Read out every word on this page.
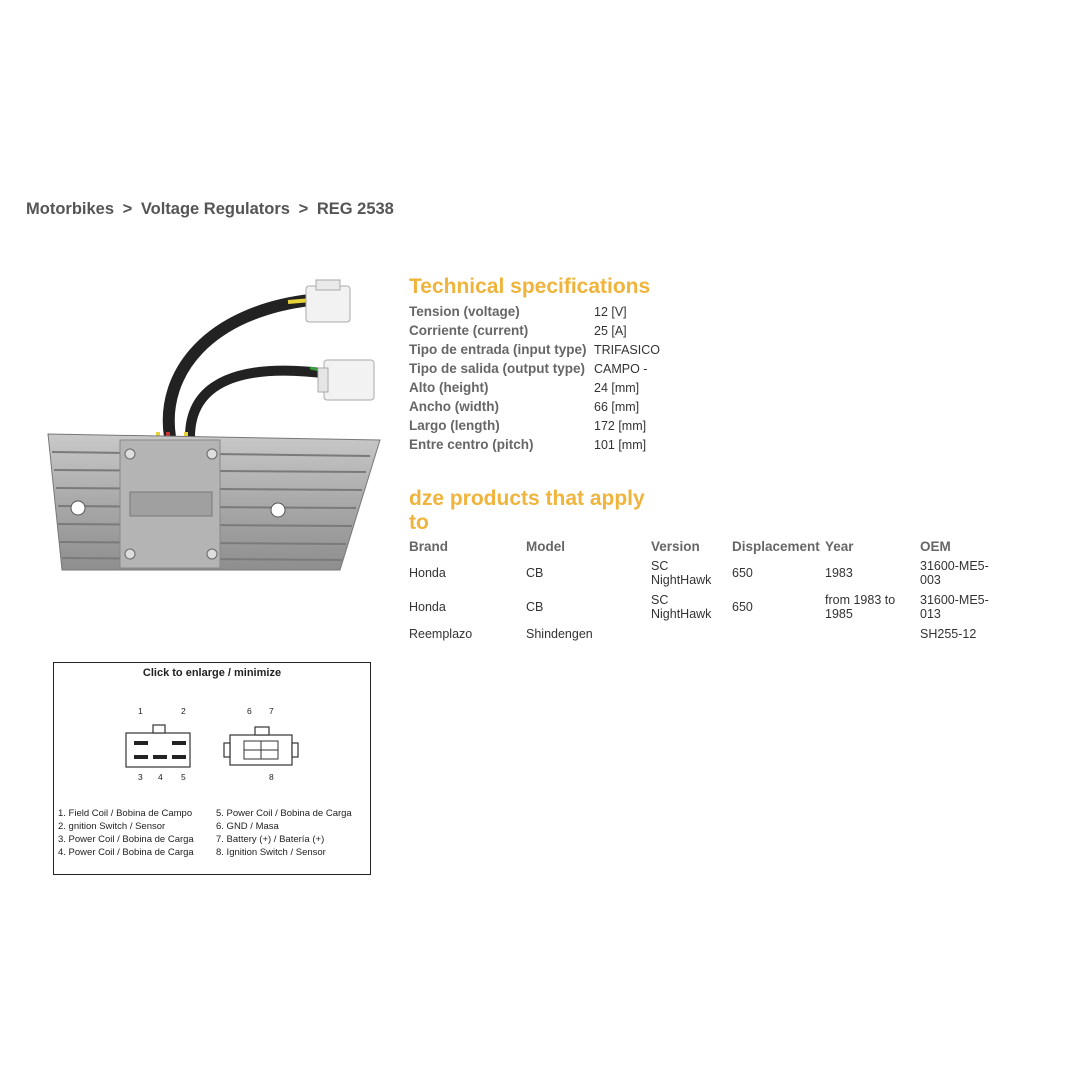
Motorbikes > Voltage Regulators > REG 2538
Technical specifications
Tension (voltage)	12 [V]
Corriente (current)	25 [A]
Tipo de entrada (input type)	TRIFASICO
Tipo de salida (output type)	CAMPO -
Alto (height)	24 [mm]
Ancho (width)	66 [mm]
Largo (length)	172 [mm]
Entre centro (pitch)	101 [mm]
dze products that apply to
Brand	Model	Version	Displacement	Year	OEM
Honda	CB	SC NightHawk	650	1983	31600-ME5-003
Honda	CB	SC NightHawk	650	from 1983 to 1985	31600-ME5-013
Reemplazo	Shindengen				SH255-12
Click to enlarge / minimize
1	2
3 4 5
6 7
8
1. Field Coil / Bobina de Campo
2. gnition Switch / Sensor
3. Power Coil / Bobina de Carga
4. Power Coil / Bobina de Carga
5. Power Coil / Bobina de Carga
6. GND / Masa
7. Battery (+) / Batería (+)
8. Ignition Switch / Sensor
